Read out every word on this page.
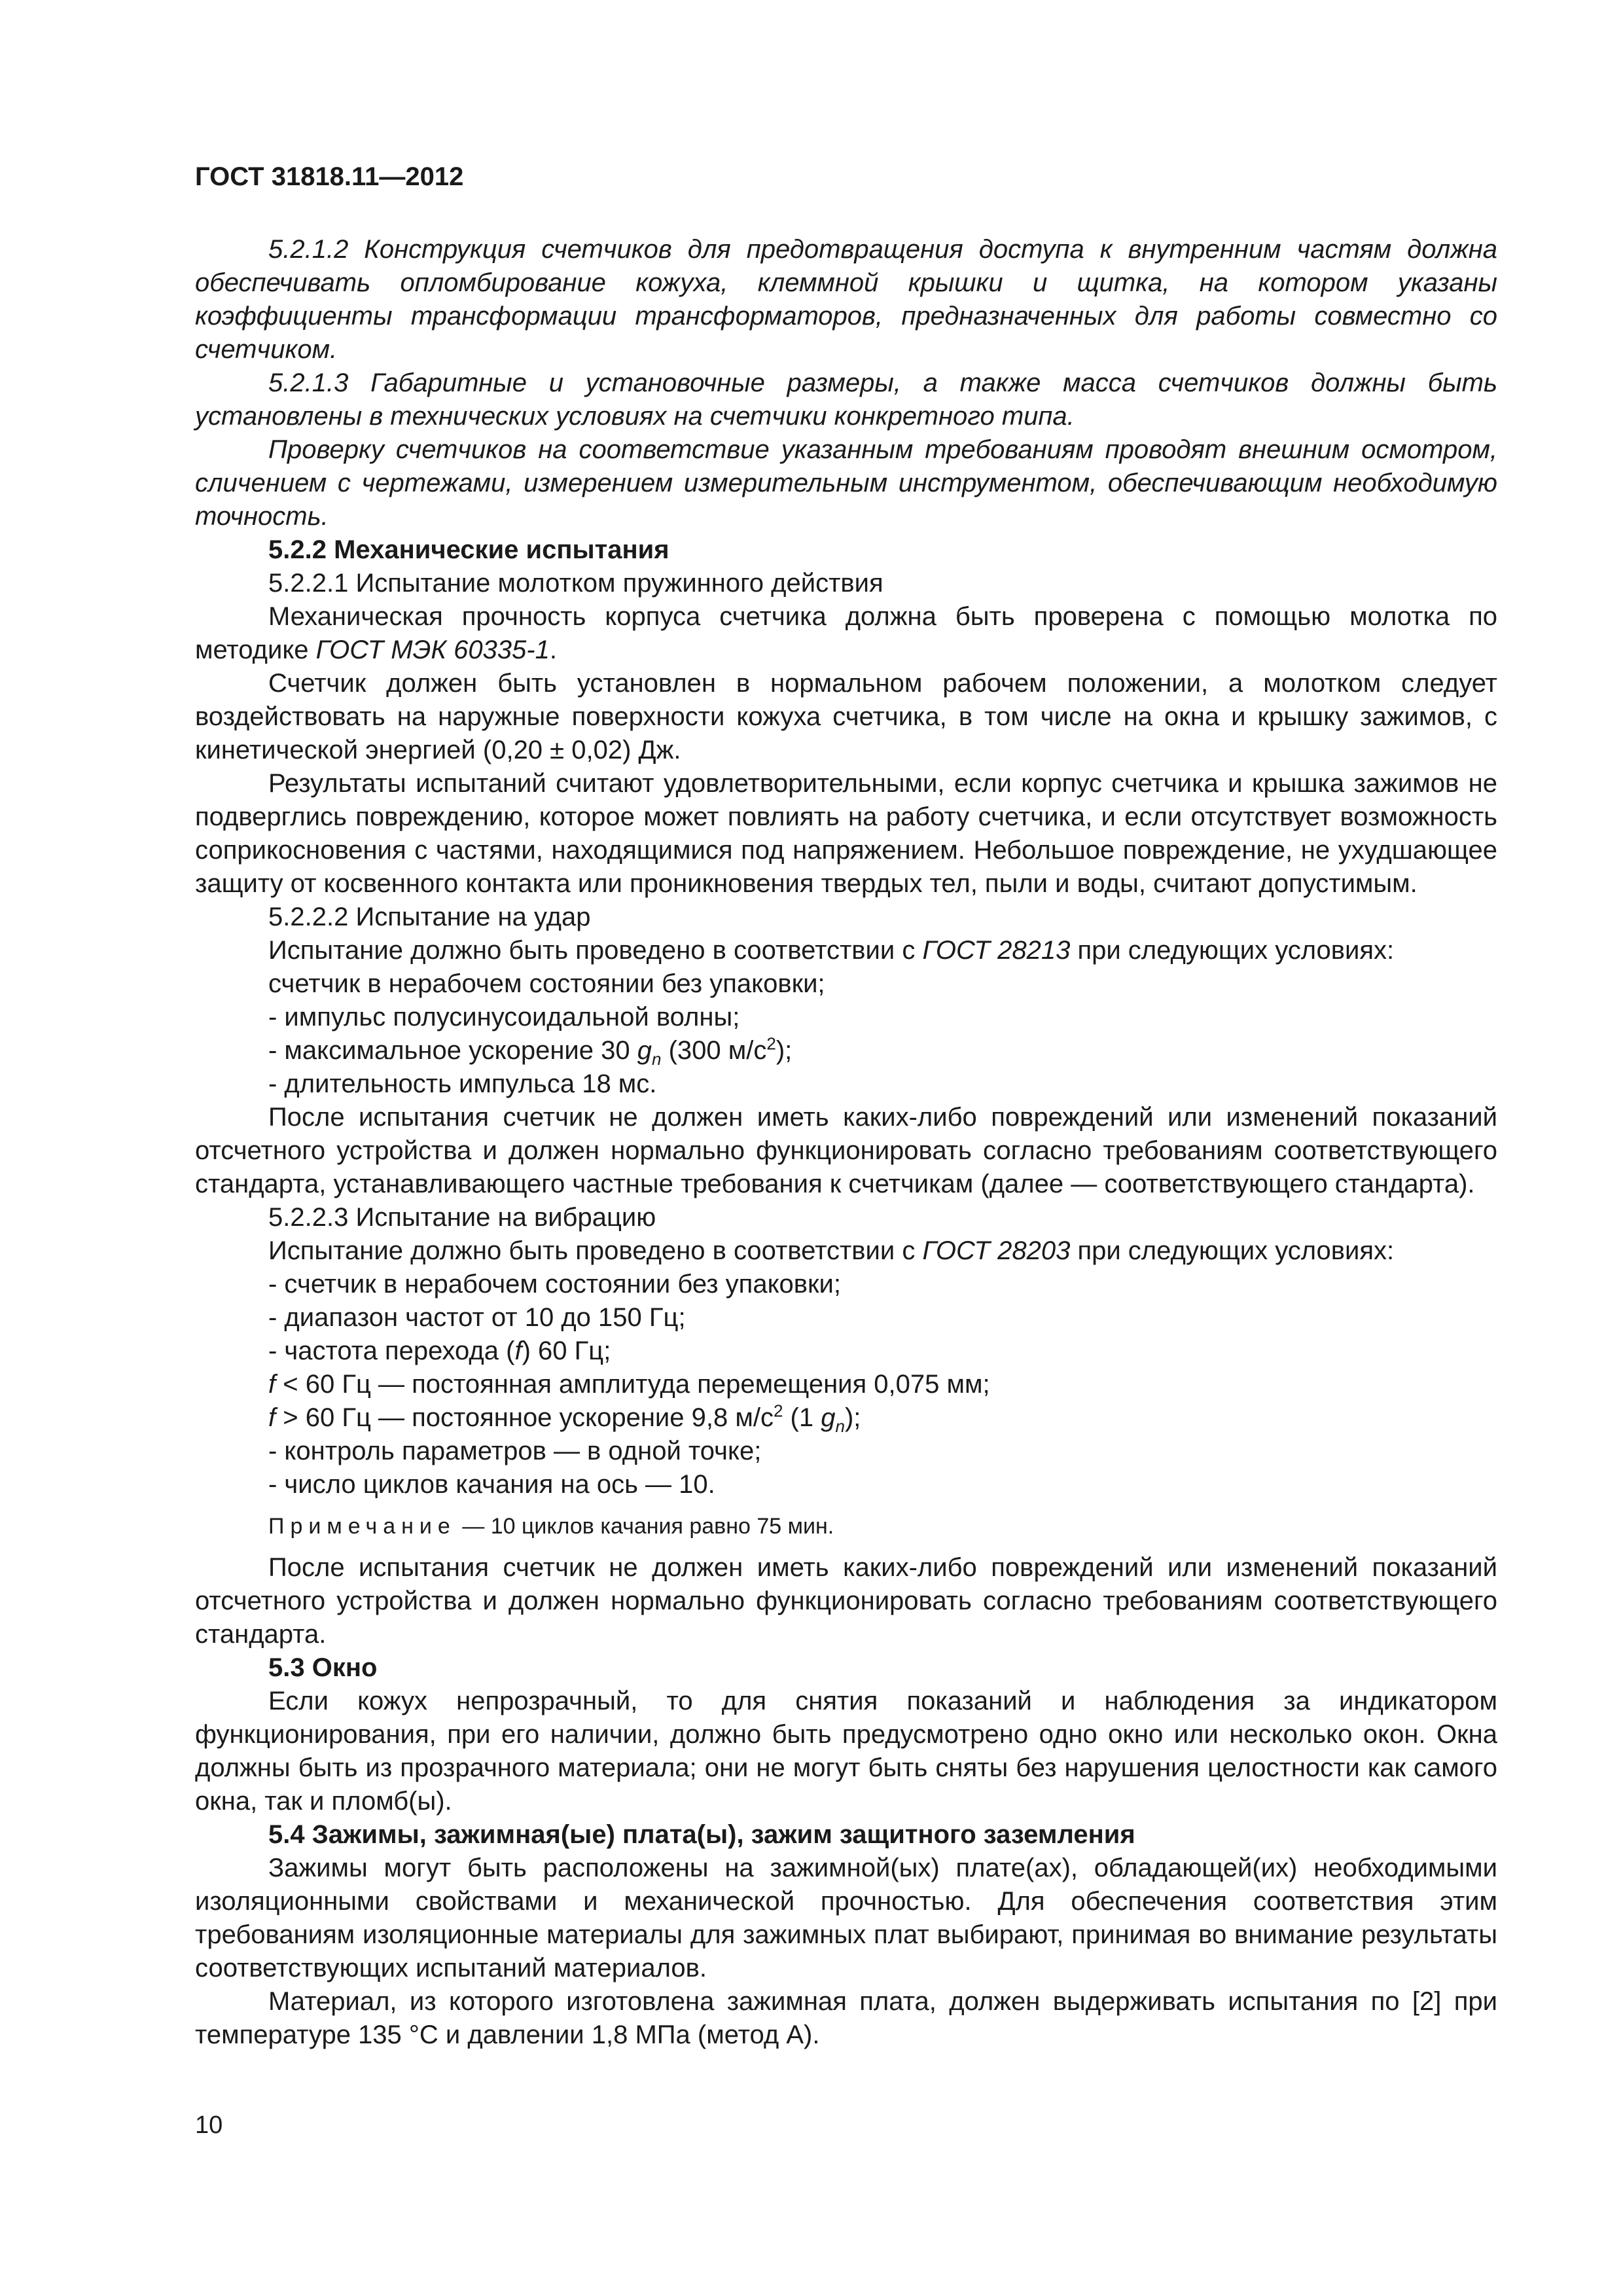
ГОСТ 31818.11—2012

5.2.1.2 Конструкция счетчиков для предотвращения доступа к внутренним частям должна обеспечивать опломбирование кожуха, клеммной крышки и щитка, на котором указаны коэффициенты трансформации трансформаторов, предназначенных для работы совместно со счетчиком.

5.2.1.3 Габаритные и установочные размеры, а также масса счетчиков должны быть установлены в технических условиях на счетчики конкретного типа.

Проверку счетчиков на соответствие указанным требованиям проводят внешним осмотром, сличением с чертежами, измерением измерительным инструментом, обеспечивающим необходимую точность.

5.2.2 Механические испытания

5.2.2.1 Испытание молотком пружинного действия

Механическая прочность корпуса счетчика должна быть проверена с помощью молотка по методике ГОСТ МЭК 60335-1.

Счетчик должен быть установлен в нормальном рабочем положении, а молотком следует воздействовать на наружные поверхности кожуха счетчика, в том числе на окна и крышку зажимов, с кинетической энергией (0,20 ± 0,02) Дж.

Результаты испытаний считают удовлетворительными, если корпус счетчика и крышка зажимов не подверглись повреждению, которое может повлиять на работу счетчика, и если отсутствует возможность соприкосновения с частями, находящимися под напряжением. Небольшое повреждение, не ухудшающее защиту от косвенного контакта или проникновения твердых тел, пыли и воды, считают допустимым.

5.2.2.2 Испытание на удар

Испытание должно быть проведено в соответствии с ГОСТ 28213 при следующих условиях:

счетчик в нерабочем состоянии без упаковки;

- импульс полусинусоидальной волны;

- максимальное ускорение 30 $g_n$ (300 $м/с^2$);

- длительность импульса 18 мс.

После испытания счетчик не должен иметь каких-либо повреждений или изменений показаний отсчетного устройства и должен нормально функционировать согласно требованиям соответствующего стандарта, устанавливающего частные требования к счетчикам (далее — соответствующего стандарта).

5.2.2.3 Испытание на вибрацию

Испытание должно быть проведено в соответствии с ГОСТ 28203 при следующих условиях:

- счетчик в нерабочем состоянии без упаковки;

- диапазон частот от 10 до 150 Гц;

- частота перехода (f) 60 Гц;

f < 60 Гц — постоянная амплитуда перемещения 0,075 мм;

f > 60 Гц — постоянное ускорение 9,8 $м/с^2$ (1 $g_n$);

- контроль параметров — в одной точке;

- число циклов качания на ось — 10.

Примечание — 10 циклов качания равно 75 мин.

После испытания счетчик не должен иметь каких-либо повреждений или изменений показаний отсчетного устройства и должен нормально функционировать согласно требованиям соответствующего стандарта.

5.3 Окно

Если кожух непрозрачный, то для снятия показаний и наблюдения за индикатором функционирования, при его наличии, должно быть предусмотрено одно окно или несколько окон. Окна должны быть из прозрачного материала; они не могут быть сняты без нарушения целостности как самого окна, так и пломб(ы).

5.4 Зажимы, зажимная(ые) плата(ы), зажим защитного заземления

Зажимы могут быть расположены на зажимной(ых) плате(ах), обладающей(их) необходимыми изоляционными свойствами и механической прочностью. Для обеспечения соответствия этим требованиям изоляционные материалы для зажимных плат выбирают, принимая во внимание результаты соответствующих испытаний материалов.

Материал, из которого изготовлена зажимная плата, должен выдерживать испытания по [2] при температуре 135 °С и давлении 1,8 МПа (метод А).

10
